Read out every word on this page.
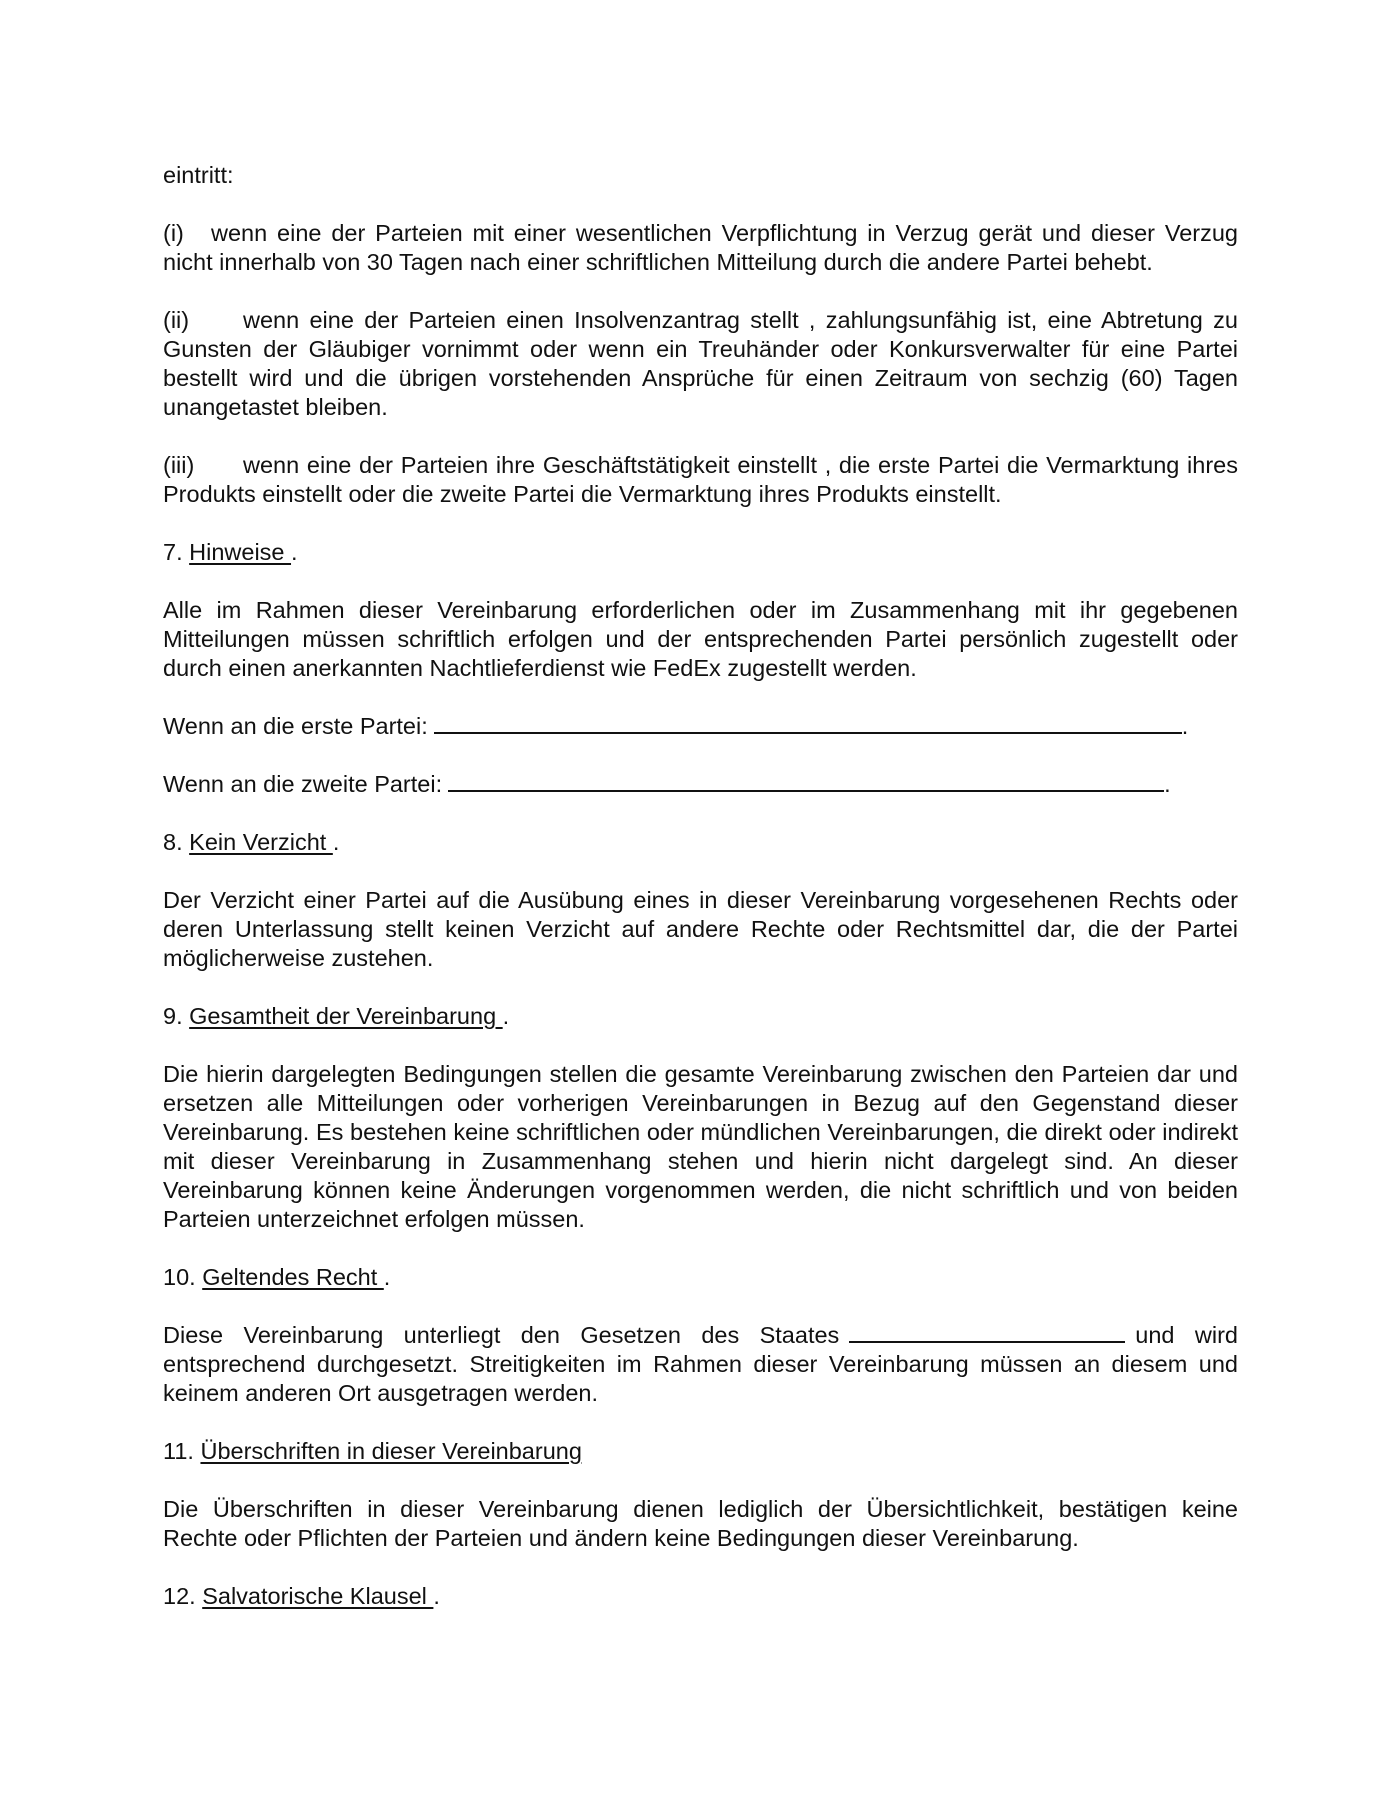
eintritt:

(i) wenn eine der Parteien mit einer wesentlichen Verpflichtung in Verzug gerät und dieser Verzug nicht innerhalb von 30 Tagen nach einer schriftlichen Mitteilung durch die andere Partei behebt.

(ii) wenn eine der Parteien einen Insolvenzantrag stellt , zahlungsunfähig ist, eine Abtretung zu Gunsten der Gläubiger vornimmt oder wenn ein Treuhänder oder Konkursverwalter für eine Partei bestellt wird und die übrigen vorstehenden Ansprüche für einen Zeitraum von sechzig (60) Tagen unangetastet bleiben.

(iii) wenn eine der Parteien ihre Geschäftstätigkeit einstellt , die erste Partei die Vermarktung ihres Produkts einstellt oder die zweite Partei die Vermarktung ihres Produkts einstellt.

7. Hinweise .

Alle im Rahmen dieser Vereinbarung erforderlichen oder im Zusammenhang mit ihr gegebenen Mitteilungen müssen schriftlich erfolgen und der entsprechenden Partei persönlich zugestellt oder durch einen anerkannten Nachtlieferdienst wie FedEx zugestellt werden.

Wenn an die erste Partei:	.

Wenn an die zweite Partei:	.

8. Kein Verzicht .

Der Verzicht einer Partei auf die Ausübung eines in dieser Vereinbarung vorgesehenen Rechts oder deren Unterlassung stellt keinen Verzicht auf andere Rechte oder Rechtsmittel dar, die der Partei möglicherweise zustehen.

9. Gesamtheit der Vereinbarung .

Die hierin dargelegten Bedingungen stellen die gesamte Vereinbarung zwischen den Parteien dar und ersetzen alle Mitteilungen oder vorherigen Vereinbarungen in Bezug auf den Gegenstand dieser Vereinbarung. Es bestehen keine schriftlichen oder mündlichen Vereinbarungen, die direkt oder indirekt mit dieser Vereinbarung in Zusammenhang stehen und hierin nicht dargelegt sind. An dieser Vereinbarung können keine Änderungen vorgenommen werden, die nicht schriftlich und von beiden Parteien unterzeichnet erfolgen müssen.

10. Geltendes Recht .

Diese Vereinbarung unterliegt den Gesetzen des Staates	und wird entsprechend durchgesetzt. Streitigkeiten im Rahmen dieser Vereinbarung müssen an diesem und keinem anderen Ort ausgetragen werden.

11. Überschriften in dieser Vereinbarung

Die Überschriften in dieser Vereinbarung dienen lediglich der Übersichtlichkeit, bestätigen keine Rechte oder Pflichten der Parteien und ändern keine Bedingungen dieser Vereinbarung.

12. Salvatorische Klausel .
